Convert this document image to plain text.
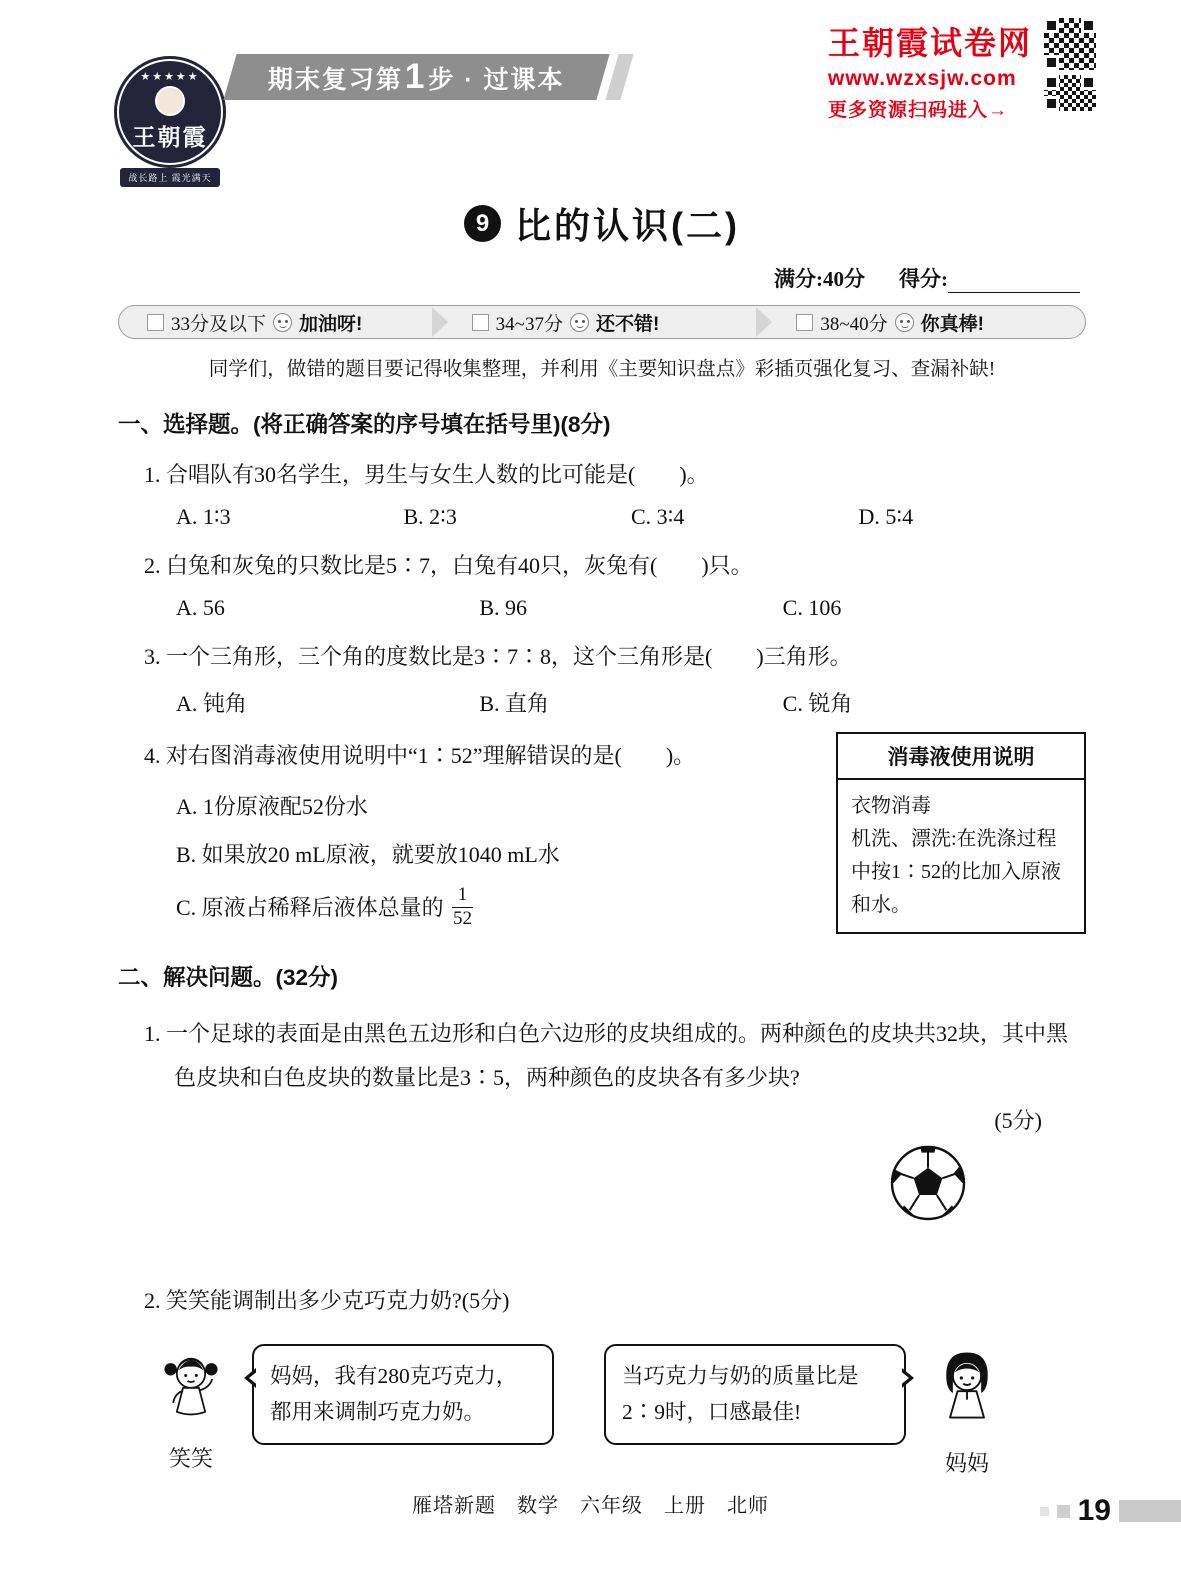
★★★★★
王朝霞
战长路上 霞光满天
期末复习第 1 步 · 过课本
王朝霞试卷网
www.wzxsjw.com
更多资源扫码进入→
9 比的认识(二)
满分:40分 得分:
33分及以下 加油呀!	34~37分 还不错!	38~40分 你真棒!

同学们，做错的题目要记得收集整理，并利用《主要知识盘点》彩插页强化复习、查漏补缺!

一、选择题。(将正确答案的序号填在括号里)(8分)

1. 合唱队有30名学生，男生与女生人数的比可能是(　　)。

A. 1∶3	B. 2∶3	C. 3∶4	D. 5∶4

2. 白兔和灰兔的只数比是5∶7，白兔有40只，灰兔有(　　)只。

A. 56	B. 96	C. 106

3. 一个三角形，三个角的度数比是3∶7∶8，这个三角形是(　　)三角形。

A. 钝角	B. 直角	C. 锐角

4. 对右图消毒液使用说明中“1∶52”理解错误的是(　　)。

A. 1份原液配52份水

B. 如果放20 mL原液，就要放1040 mL水

C. 原液占稀释后液体总量的 $\frac{1}{52}$

消毒液使用说明
衣物消毒
机洗、漂洗:在洗涤过程中按1∶52的比加入原液和水。
二、解决问题。(32分)

1. 一个足球的表面是由黑色五边形和白色六边形的皮块组成的。两种颜色的皮块共32块，其中黑色皮块和白色皮块的数量比是3∶5，两种颜色的皮块各有多少块?

(5分)

2. 笑笑能调制出多少克巧克力奶?(5分)

笑笑
妈妈，我有280克巧克力，都用来调制巧克力奶。
当巧克力与奶的质量比是2∶9时，口感最佳!
妈妈
雁塔新题　数学　六年级　上册　北师	19
